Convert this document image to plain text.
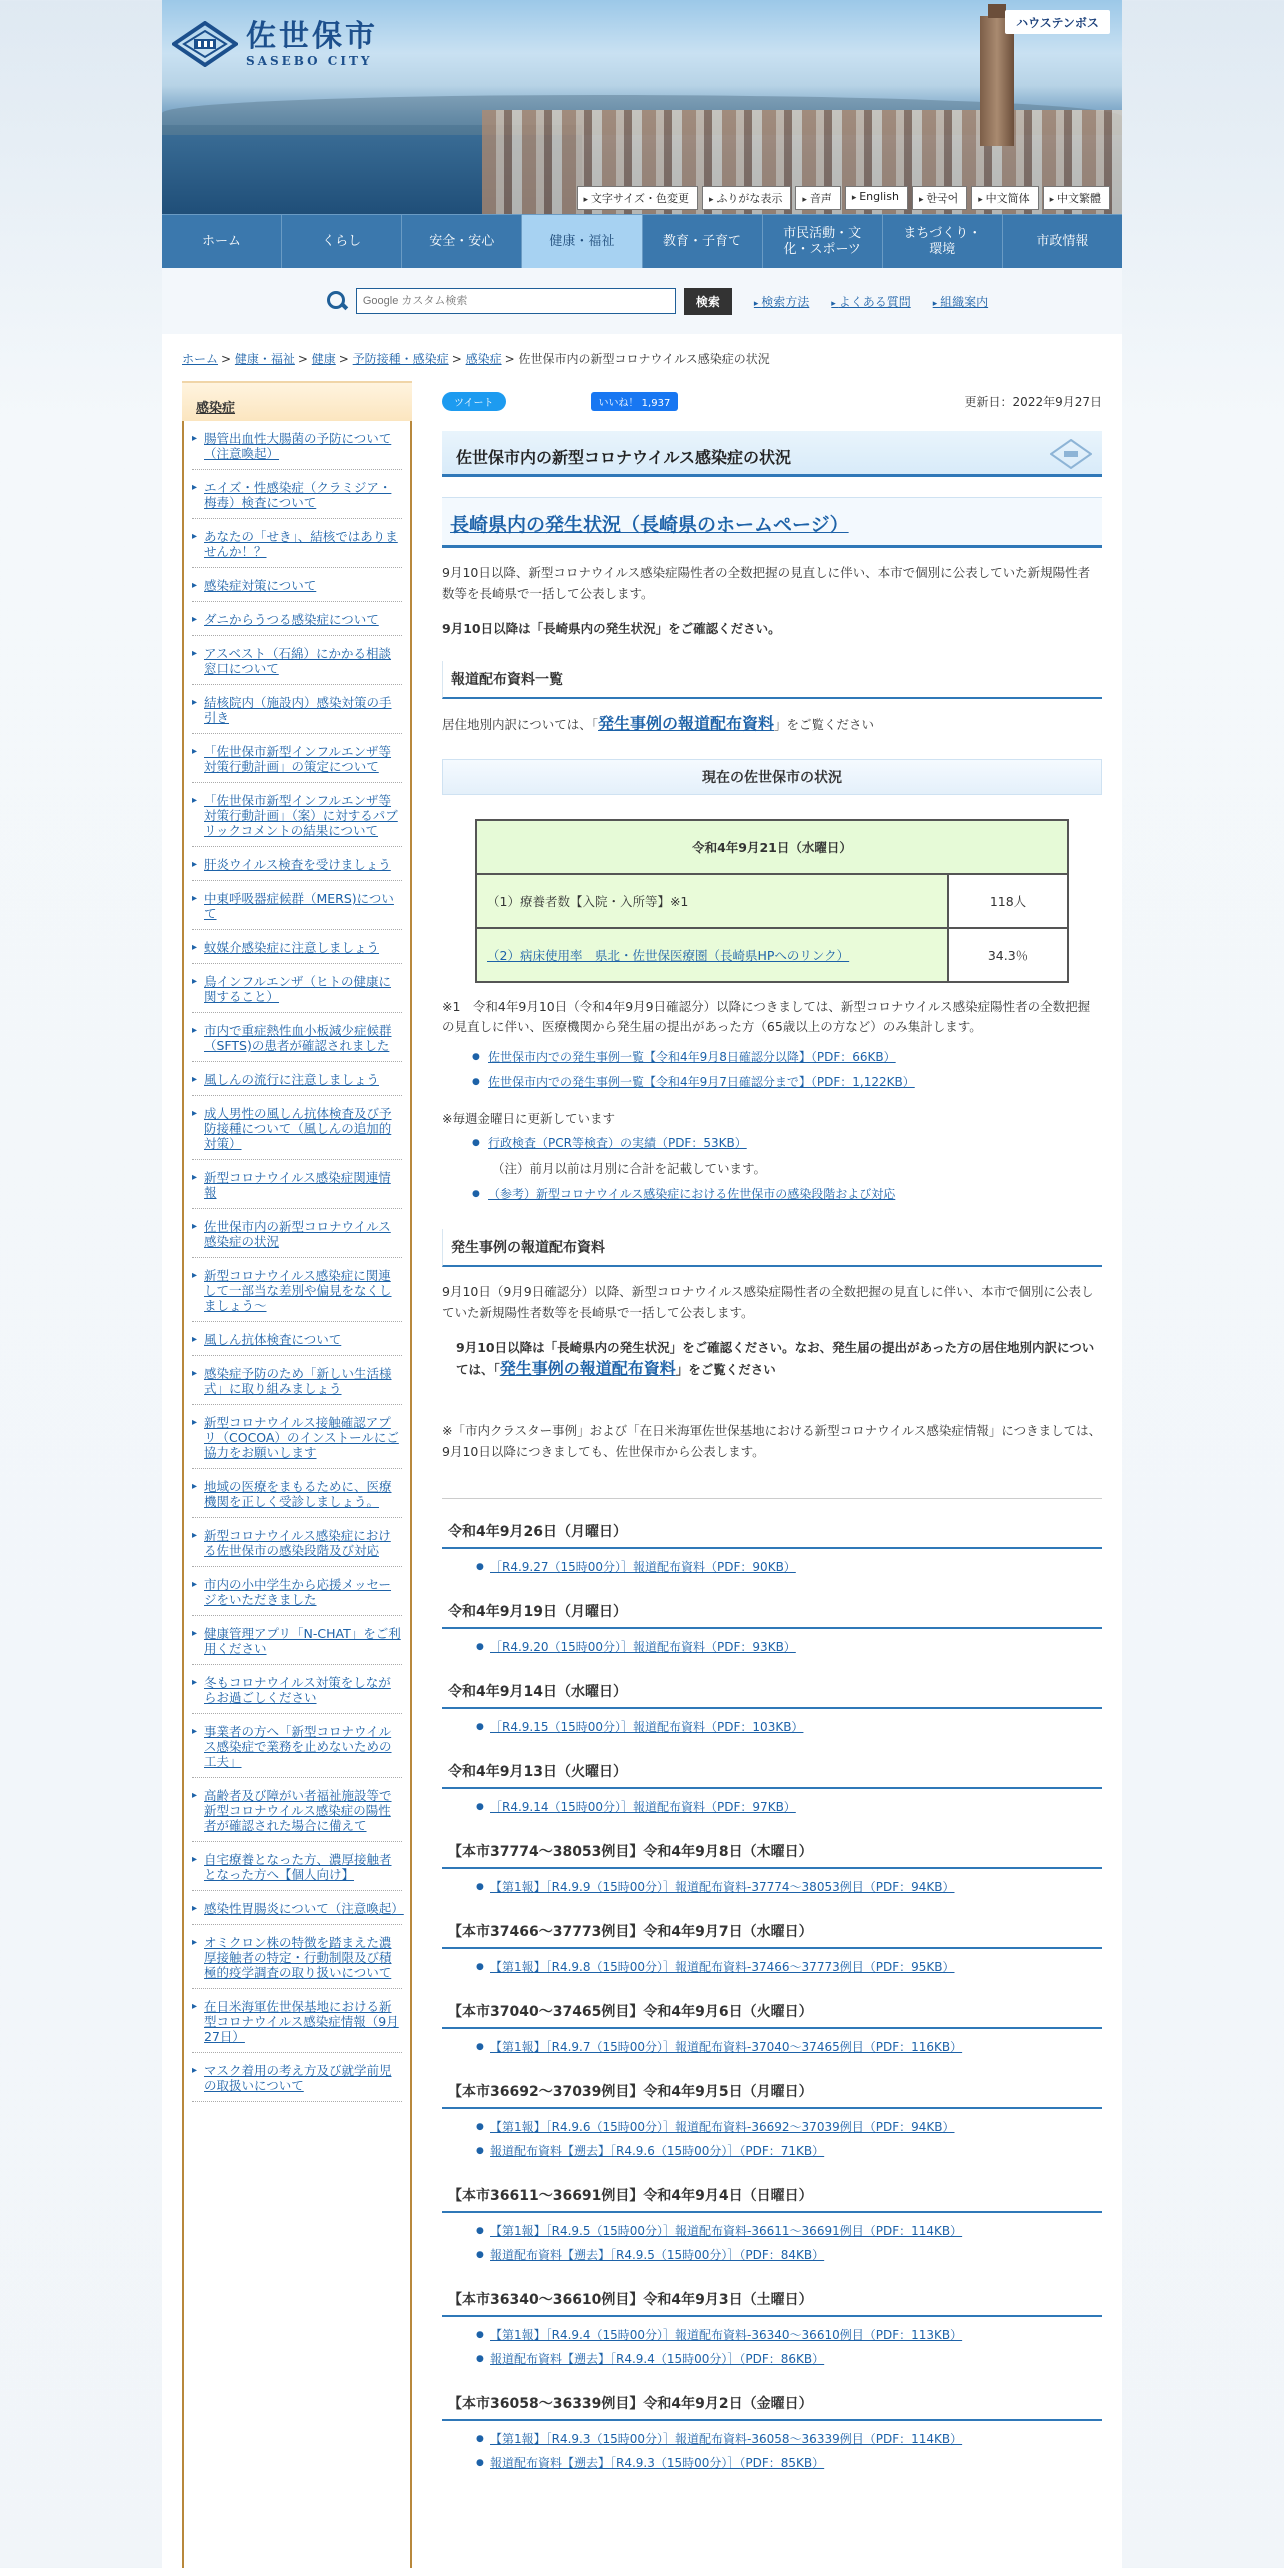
佐世保市
SASEBO CITY
ハウステンボス
▸ 文字サイズ・色変更	▸ ふりがな表示	▸ 音声	▸ English	▸ 한국어	▸ 中文简体	▸ 中文繁體
ホーム	くらし	安全・安心	健康・福祉	教育・子育て
市民活動・文化・スポーツ
まちづくり・環境
市政情報
Google カスタム検索
検索	▸ 検索方法	▸ よくある質問	▸ 組織案内
ホーム > 健康・福祉 > 健康 > 予防接種・感染症 > 感染症 > 佐世保市内の新型コロナウイルス感染症の状況
感染症
▸ 腸管出血性大腸菌の予防について（注意喚起）
▸ エイズ・性感染症（クラミジア・梅毒）検査について
▸ あなたの「せき」、結核ではありませんか！？
▸ 感染症対策について
▸ ダニからうつる感染症について
▸ アスベスト（石綿）にかかる相談窓口について
▸ 結核院内（施設内）感染対策の手引き
▸ 「佐世保市新型インフルエンザ等対策行動計画」の策定について
▸ 「佐世保市新型インフルエンザ等対策行動計画」（案）に対するパブリックコメントの結果について
▸ 肝炎ウイルス検査を受けましょう
▸ 中東呼吸器症候群（MERS)について
▸ 蚊媒介感染症に注意しましょう
▸ 鳥インフルエンザ（ヒトの健康に関すること）
▸ 市内で重症熱性血小板減少症候群（SFTS)の患者が確認されました
▸ 風しんの流行に注意しましょう
▸ 成人男性の風しん抗体検査及び予防接種について（風しんの追加的対策）
▸ 新型コロナウイルス感染症関連情報
▸ 佐世保市内の新型コロナウイルス感染症の状況
▸ 新型コロナウイルス感染症に関連して一部当な差別や偏見をなくしましょう～
▸ 風しん抗体検査について
▸ 感染症予防のため「新しい生活様式」に取り組みましょう
▸ 新型コロナウイルス接触確認アプリ（COCOA）のインストールにご協力をお願いします
▸ 地域の医療をまもるために、医療機関を正しく受診しましょう。
▸ 新型コロナウイルス感染症における佐世保市の感染段階及び対応
▸ 市内の小中学生から応援メッセージをいただきました
▸ 健康管理アプリ「N-CHAT」をご利用ください
▸ 冬もコロナウイルス対策をしながらお過ごしください
▸ 事業者の方へ「新型コロナウイルス感染症で業務を止めないための工夫」
▸ 高齢者及び障がい者福祉施設等で新型コロナウイルス感染症の陽性者が確認された場合に備えて
▸ 自宅療養となった方、濃厚接触者となった方へ【個人向け】
▸ 感染性胃腸炎について（注意喚起）
▸ オミクロン株の特徴を踏まえた濃厚接触者の特定・行動制限及び積極的疫学調査の取り扱いについて
▸ 在日米海軍佐世保基地における新型コロナウイルス感染症情報（9月27日）
▸ マスク着用の考え方及び就学前児の取扱いについて
ツイート	いいね！ 1,937	更新日：2022年9月27日
佐世保市内の新型コロナウイルス感染症の状況
長崎県内の発生状況（長崎県のホームページ）

9月10日以降、新型コロナウイルス感染症陽性者の全数把握の見直しに伴い、本市で個別に公表していた新規陽性者数等を長崎県で一括して公表します。

9月10日以降は「長崎県内の発生状況」をご確認ください。

報道配布資料一覧

居住地別内訳については、「発生事例の報道配布資料」をご覧ください

現在の佐世保市の状況
令和4年9月21日（水曜日）	
（1）療養者数【入院・入所等】※1	118人
（2）病床使用率　県北・佐世保医療圏（長崎県HPへのリンク）	34.3％

※1　令和4年9月10日（令和4年9月9日確認分）以降につきましては、新型コロナウイルス感染症陽性者の全数把握の見直しに伴い、医療機関から発生届の提出があった方（65歳以上の方など）のみ集計します。

● 佐世保市内での発生事例一覧【令和4年9月8日確認分以降】（PDF：66KB）
● 佐世保市内での発生事例一覧【令和4年9月7日確認分まで】（PDF：1,122KB）

※毎週金曜日に更新しています

● 行政検査（PCR等検査）の実績（PDF：53KB）

（注）前月以前は月別に合計を記載しています。

● （参考）新型コロナウイルス感染症における佐世保市の感染段階および対応
発生事例の報道配布資料

9月10日（9月9日確認分）以降、新型コロナウイルス感染症陽性者の全数把握の見直しに伴い、本市で個別に公表していた新規陽性者数等を長崎県で一括して公表します。

9月10日以降は「長崎県内の発生状況」をご確認ください。なお、発生届の提出があった方の居住地別内訳については、「発生事例の報道配布資料」をご覧ください

※「市内クラスター事例」および「在日米海軍佐世保基地における新型コロナウイルス感染症情報」につきましては、9月10日以降につきましても、佐世保市から公表します。

令和4年9月26日（月曜日）
● ［R4.9.27（15時00分）］報道配布資料（PDF：90KB）
令和4年9月19日（月曜日）
● ［R4.9.20（15時00分）］報道配布資料（PDF：93KB）
令和4年9月14日（水曜日）
● ［R4.9.15（15時00分）］報道配布資料（PDF：103KB）
令和4年9月13日（火曜日）
● ［R4.9.14（15時00分）］報道配布資料（PDF：97KB）
【本市37774～38053例目】令和4年9月8日（木曜日）
● 【第1報】［R4.9.9（15時00分）］報道配布資料-37774～38053例目（PDF：94KB）
【本市37466～37773例目】令和4年9月7日（水曜日）
● 【第1報】［R4.9.8（15時00分）］報道配布資料-37466～37773例目（PDF：95KB）
【本市37040～37465例目】令和4年9月6日（火曜日）
● 【第1報】［R4.9.7（15時00分）］報道配布資料-37040～37465例目（PDF：116KB）
【本市36692～37039例目】令和4年9月5日（月曜日）
● 【第1報】［R4.9.6（15時00分）］報道配布資料-36692～37039例目（PDF：94KB）
● 報道配布資料【遡去】［R4.9.6（15時00分）］（PDF：71KB）
【本市36611～36691例目】令和4年9月4日（日曜日）
● 【第1報】［R4.9.5（15時00分）］報道配布資料-36611～36691例目（PDF：114KB）
● 報道配布資料【遡去】［R4.9.5（15時00分）］（PDF：84KB）
【本市36340～36610例目】令和4年9月3日（土曜日）
● 【第1報】［R4.9.4（15時00分）］報道配布資料-36340～36610例目（PDF：113KB）
● 報道配布資料【遡去】［R4.9.4（15時00分）］（PDF：86KB）
【本市36058～36339例目】令和4年9月2日（金曜日）
● 【第1報】［R4.9.3（15時00分）］報道配布資料-36058～36339例目（PDF：114KB）
● 報道配布資料【遡去】［R4.9.3（15時00分）］（PDF：85KB）
